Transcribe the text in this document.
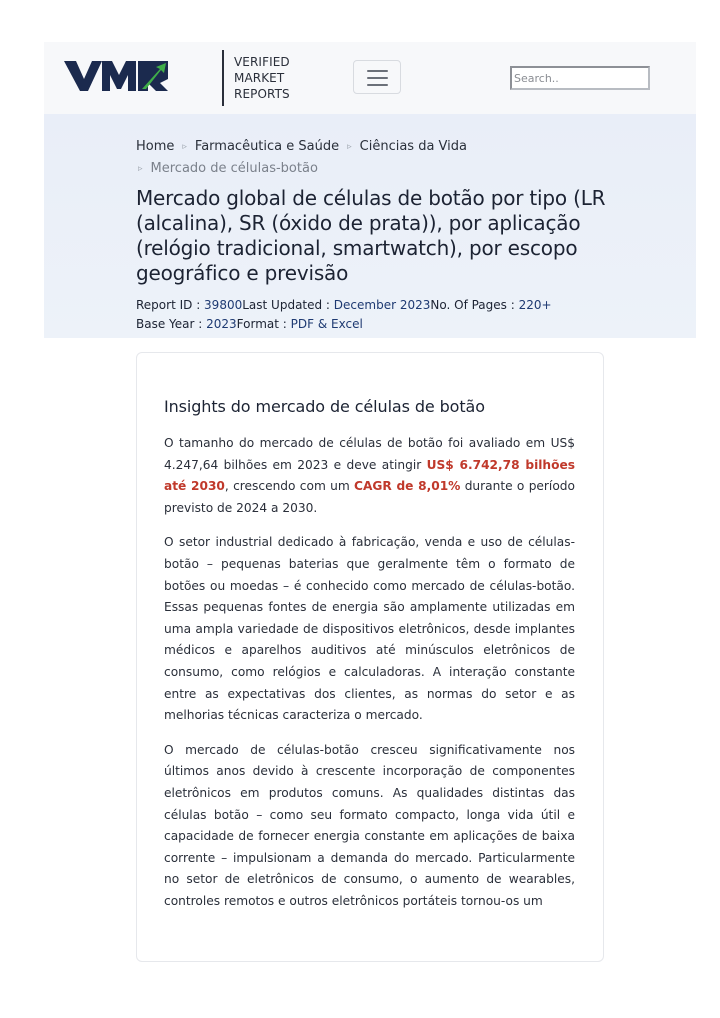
VERIFIED
MARKET
REPORTS
Search..
Home ▹ Farmacêutica e Saúde ▹ Ciências da Vida
▹ Mercado de células-botão
Mercado global de células de botão por tipo (LR (alcalina), SR (óxido de prata)), por aplicação (relógio tradicional, smartwatch), por escopo geográfico e previsão
Report ID : 39800Last Updated : December 2023No. Of Pages : 220+
Base Year : 2023Format : PDF & Excel
Insights do mercado de células de botão

O tamanho do mercado de células de botão foi avaliado em US$ 4.247,64 bilhões em 2023 e deve atingir US$ 6.742,78 bilhões até 2030, crescendo com um CAGR de 8,01% durante o período previsto de 2024 a 2030.

O setor industrial dedicado à fabricação, venda e uso de células-botão – pequenas baterias que geralmente têm o formato de botões ou moedas – é conhecido como mercado de células-botão. Essas pequenas fontes de energia são amplamente utilizadas em uma ampla variedade de dispositivos eletrônicos, desde implantes médicos e aparelhos auditivos até minúsculos eletrônicos de consumo, como relógios e calculadoras. A interação constante entre as expectativas dos clientes, as normas do setor e as melhorias técnicas caracteriza o mercado.

O mercado de células-botão cresceu significativamente nos últimos anos devido à crescente incorporação de componentes eletrônicos em produtos comuns. As qualidades distintas das células botão – como seu formato compacto, longa vida útil e capacidade de fornecer energia constante em aplicações de baixa corrente – impulsionam a demanda do mercado. Particularmente no setor de eletrônicos de consumo, o aumento de wearables, controles remotos e outros eletrônicos portáteis tornou-os um
